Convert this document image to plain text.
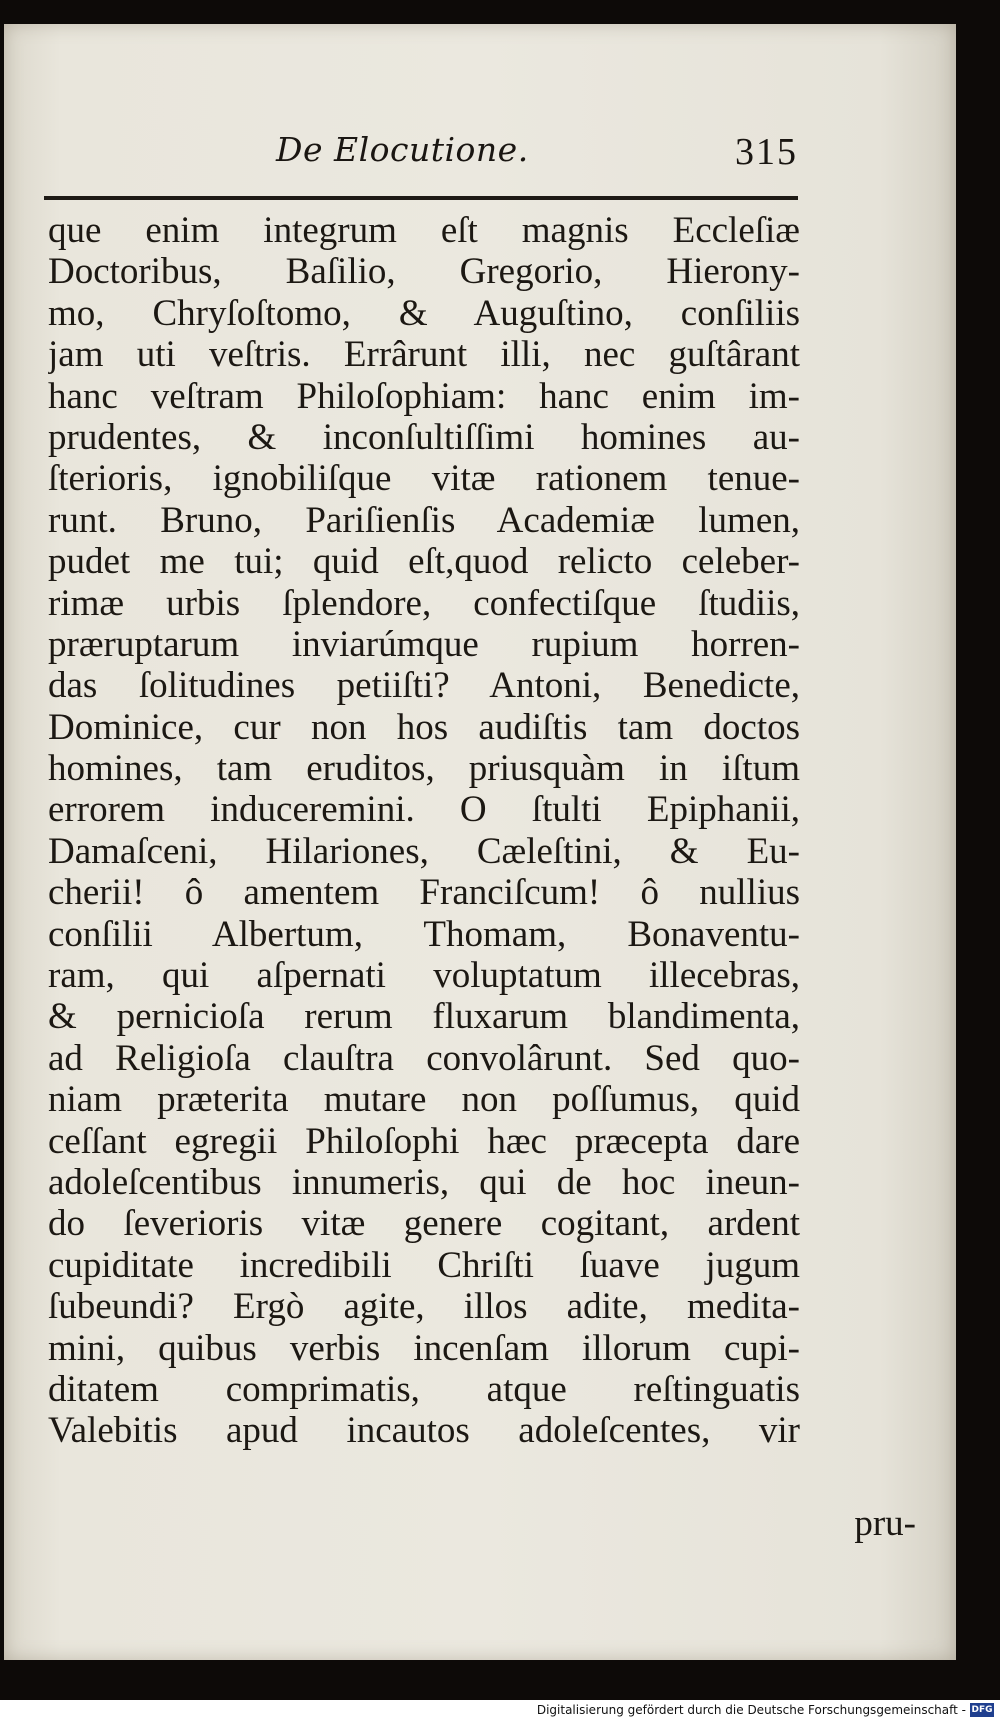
De Elocutione.	315
que enim integrum eſt magnis Eccleſiæ
Doctoribus, Baſilio, Gregorio, Hierony-
mo, Chryſoſtomo, & Auguſtino, conſiliis
jam uti veſtris. Errârunt illi, nec guſtârant
hanc veſtram Philoſophiam: hanc enim im-
prudentes, & inconſultiſſimi homines au-
ſterioris, ignobiliſque vitæ rationem tenue-
runt. Bruno, Pariſienſis Academiæ lumen,
pudet me tui; quid eſt,quod relicto celeber-
rimæ urbis ſplendore, confectiſque ſtudiis,
præruptarum inviarúmque rupium horren-
das ſolitudines petiiſti? Antoni, Benedicte,
Dominice, cur non hos audiſtis tam doctos
homines, tam eruditos, priusquàm in iſtum
errorem induceremini. O ſtulti Epiphanii,
Damaſceni, Hilariones, Cæleſtini, & Eu-
cherii! ô amentem Franciſcum! ô nullius
conſilii Albertum, Thomam, Bonaventu-
ram, qui aſpernati voluptatum illecebras,
& pernicioſa rerum fluxarum blandimenta,
ad Religioſa clauſtra convolârunt. Sed quo-
niam præterita mutare non poſſumus, quid
ceſſant egregii Philoſophi hæc præcepta dare
adoleſcentibus innumeris, qui de hoc ineun-
do ſeverioris vitæ genere cogitant, ardent
cupiditate incredibili Chriſti ſuave jugum
ſubeundi? Ergò agite, illos adite, medita-
mini, quibus verbis incenſam illorum cupi-
ditatem comprimatis, atque reſtinguatis
Valebitis apud incautos adoleſcentes, vir
pru-
Digitalisierung gefördert durch die Deutsche Forschungsgemeinschaft - DFG
